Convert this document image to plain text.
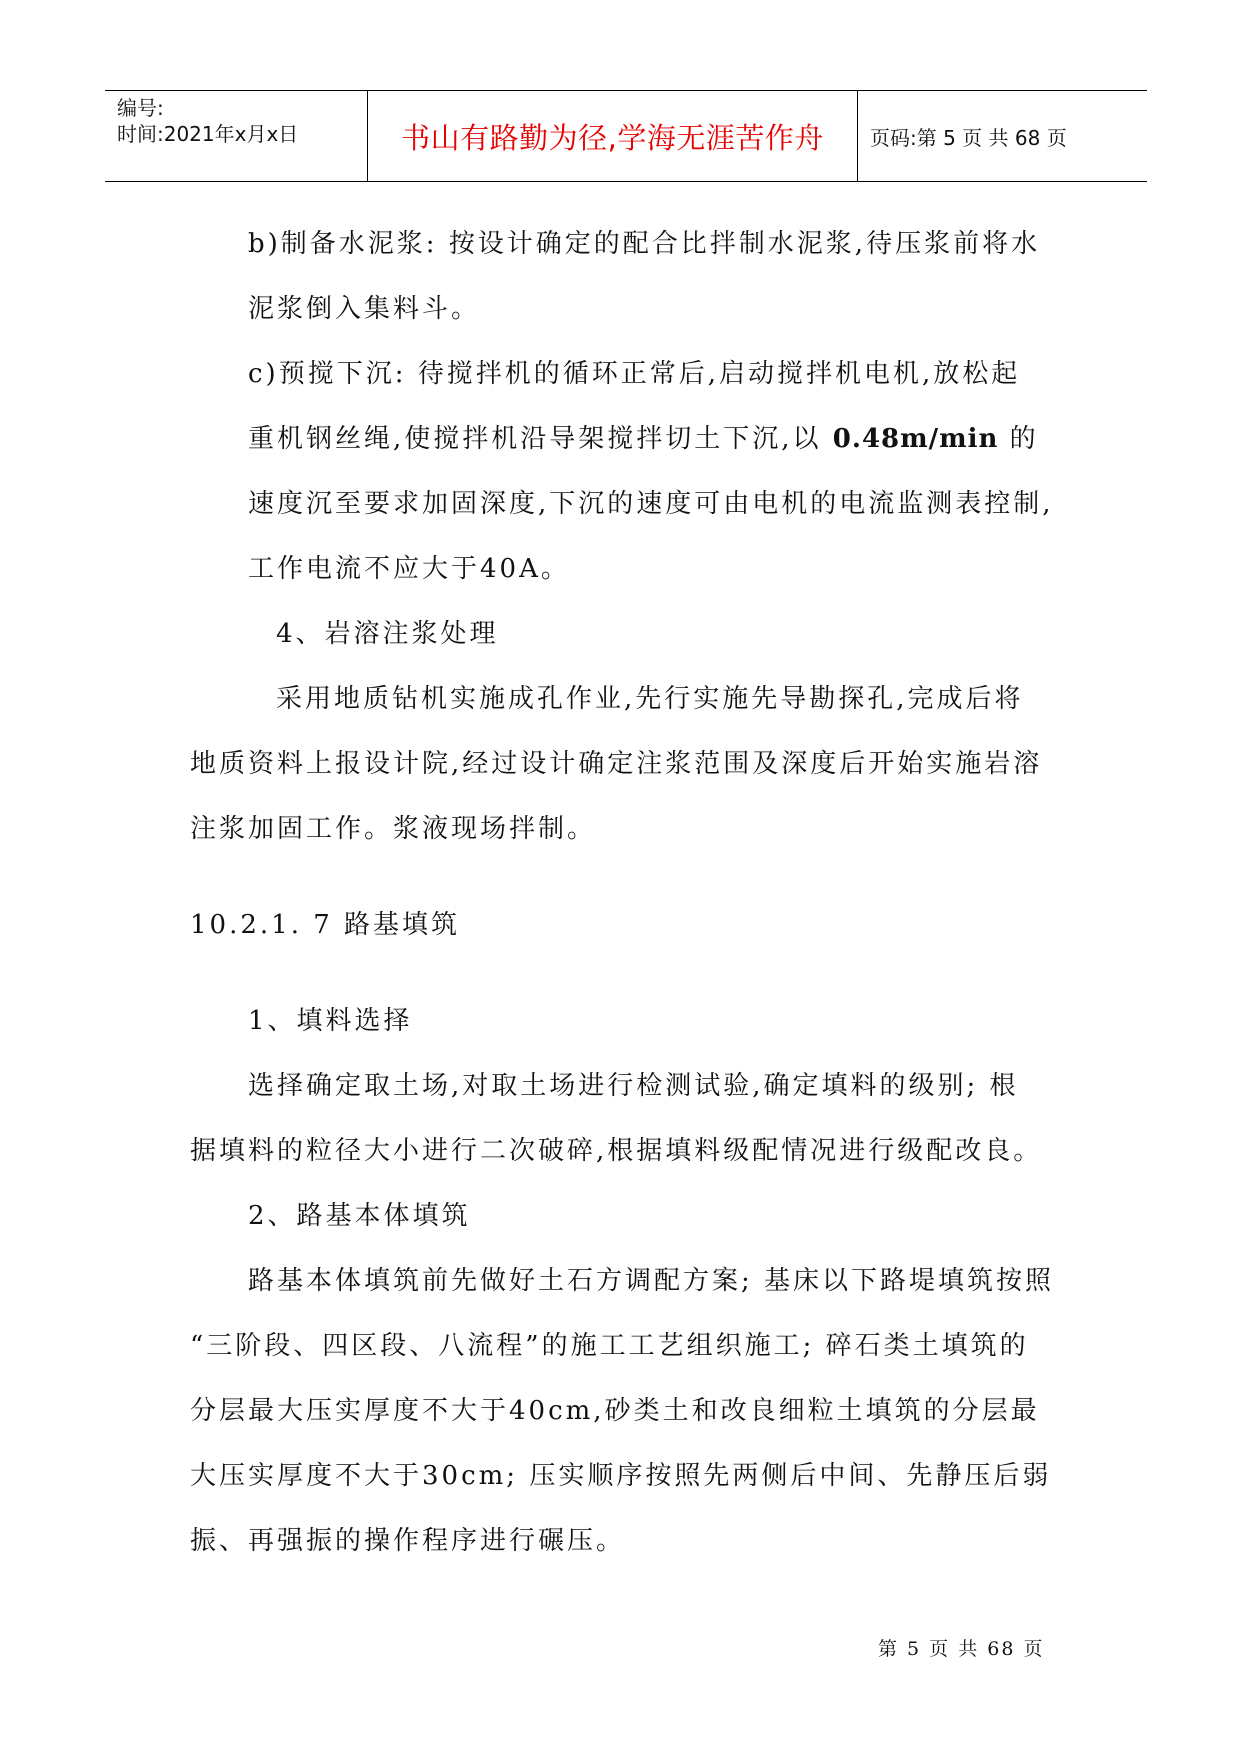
编号:
时间:2021年x月x日	书山有路勤为径,学海无涯苦作舟	页码:第 5 页 共 68 页
b)制备水泥浆: 按设计确定的配合比拌制水泥浆,待压浆前将水
泥浆倒入集料斗。
c)预搅下沉: 待搅拌机的循环正常后,启动搅拌机电机,放松起
重机钢丝绳,使搅拌机沿导架搅拌切土下沉,以 0.48m/min 的
速度沉至要求加固深度,下沉的速度可由电机的电流监测表控制,
工作电流不应大于40A。
4、岩溶注浆处理
采用地质钻机实施成孔作业,先行实施先导勘探孔,完成后将
地质资料上报设计院,经过设计确定注浆范围及深度后开始实施岩溶
注浆加固工作。浆液现场拌制。
10.2.1. 7 路基填筑
1、填料选择
选择确定取土场,对取土场进行检测试验,确定填料的级别; 根
据填料的粒径大小进行二次破碎,根据填料级配情况进行级配改良。
2、路基本体填筑
路基本体填筑前先做好土石方调配方案; 基床以下路堤填筑按照
“三阶段、四区段、八流程”的施工工艺组织施工; 碎石类土填筑的
分层最大压实厚度不大于40cm,砂类土和改良细粒土填筑的分层最
大压实厚度不大于30cm; 压实顺序按照先两侧后中间、先静压后弱
振、再强振的操作程序进行碾压。
第 5 页 共 68 页
